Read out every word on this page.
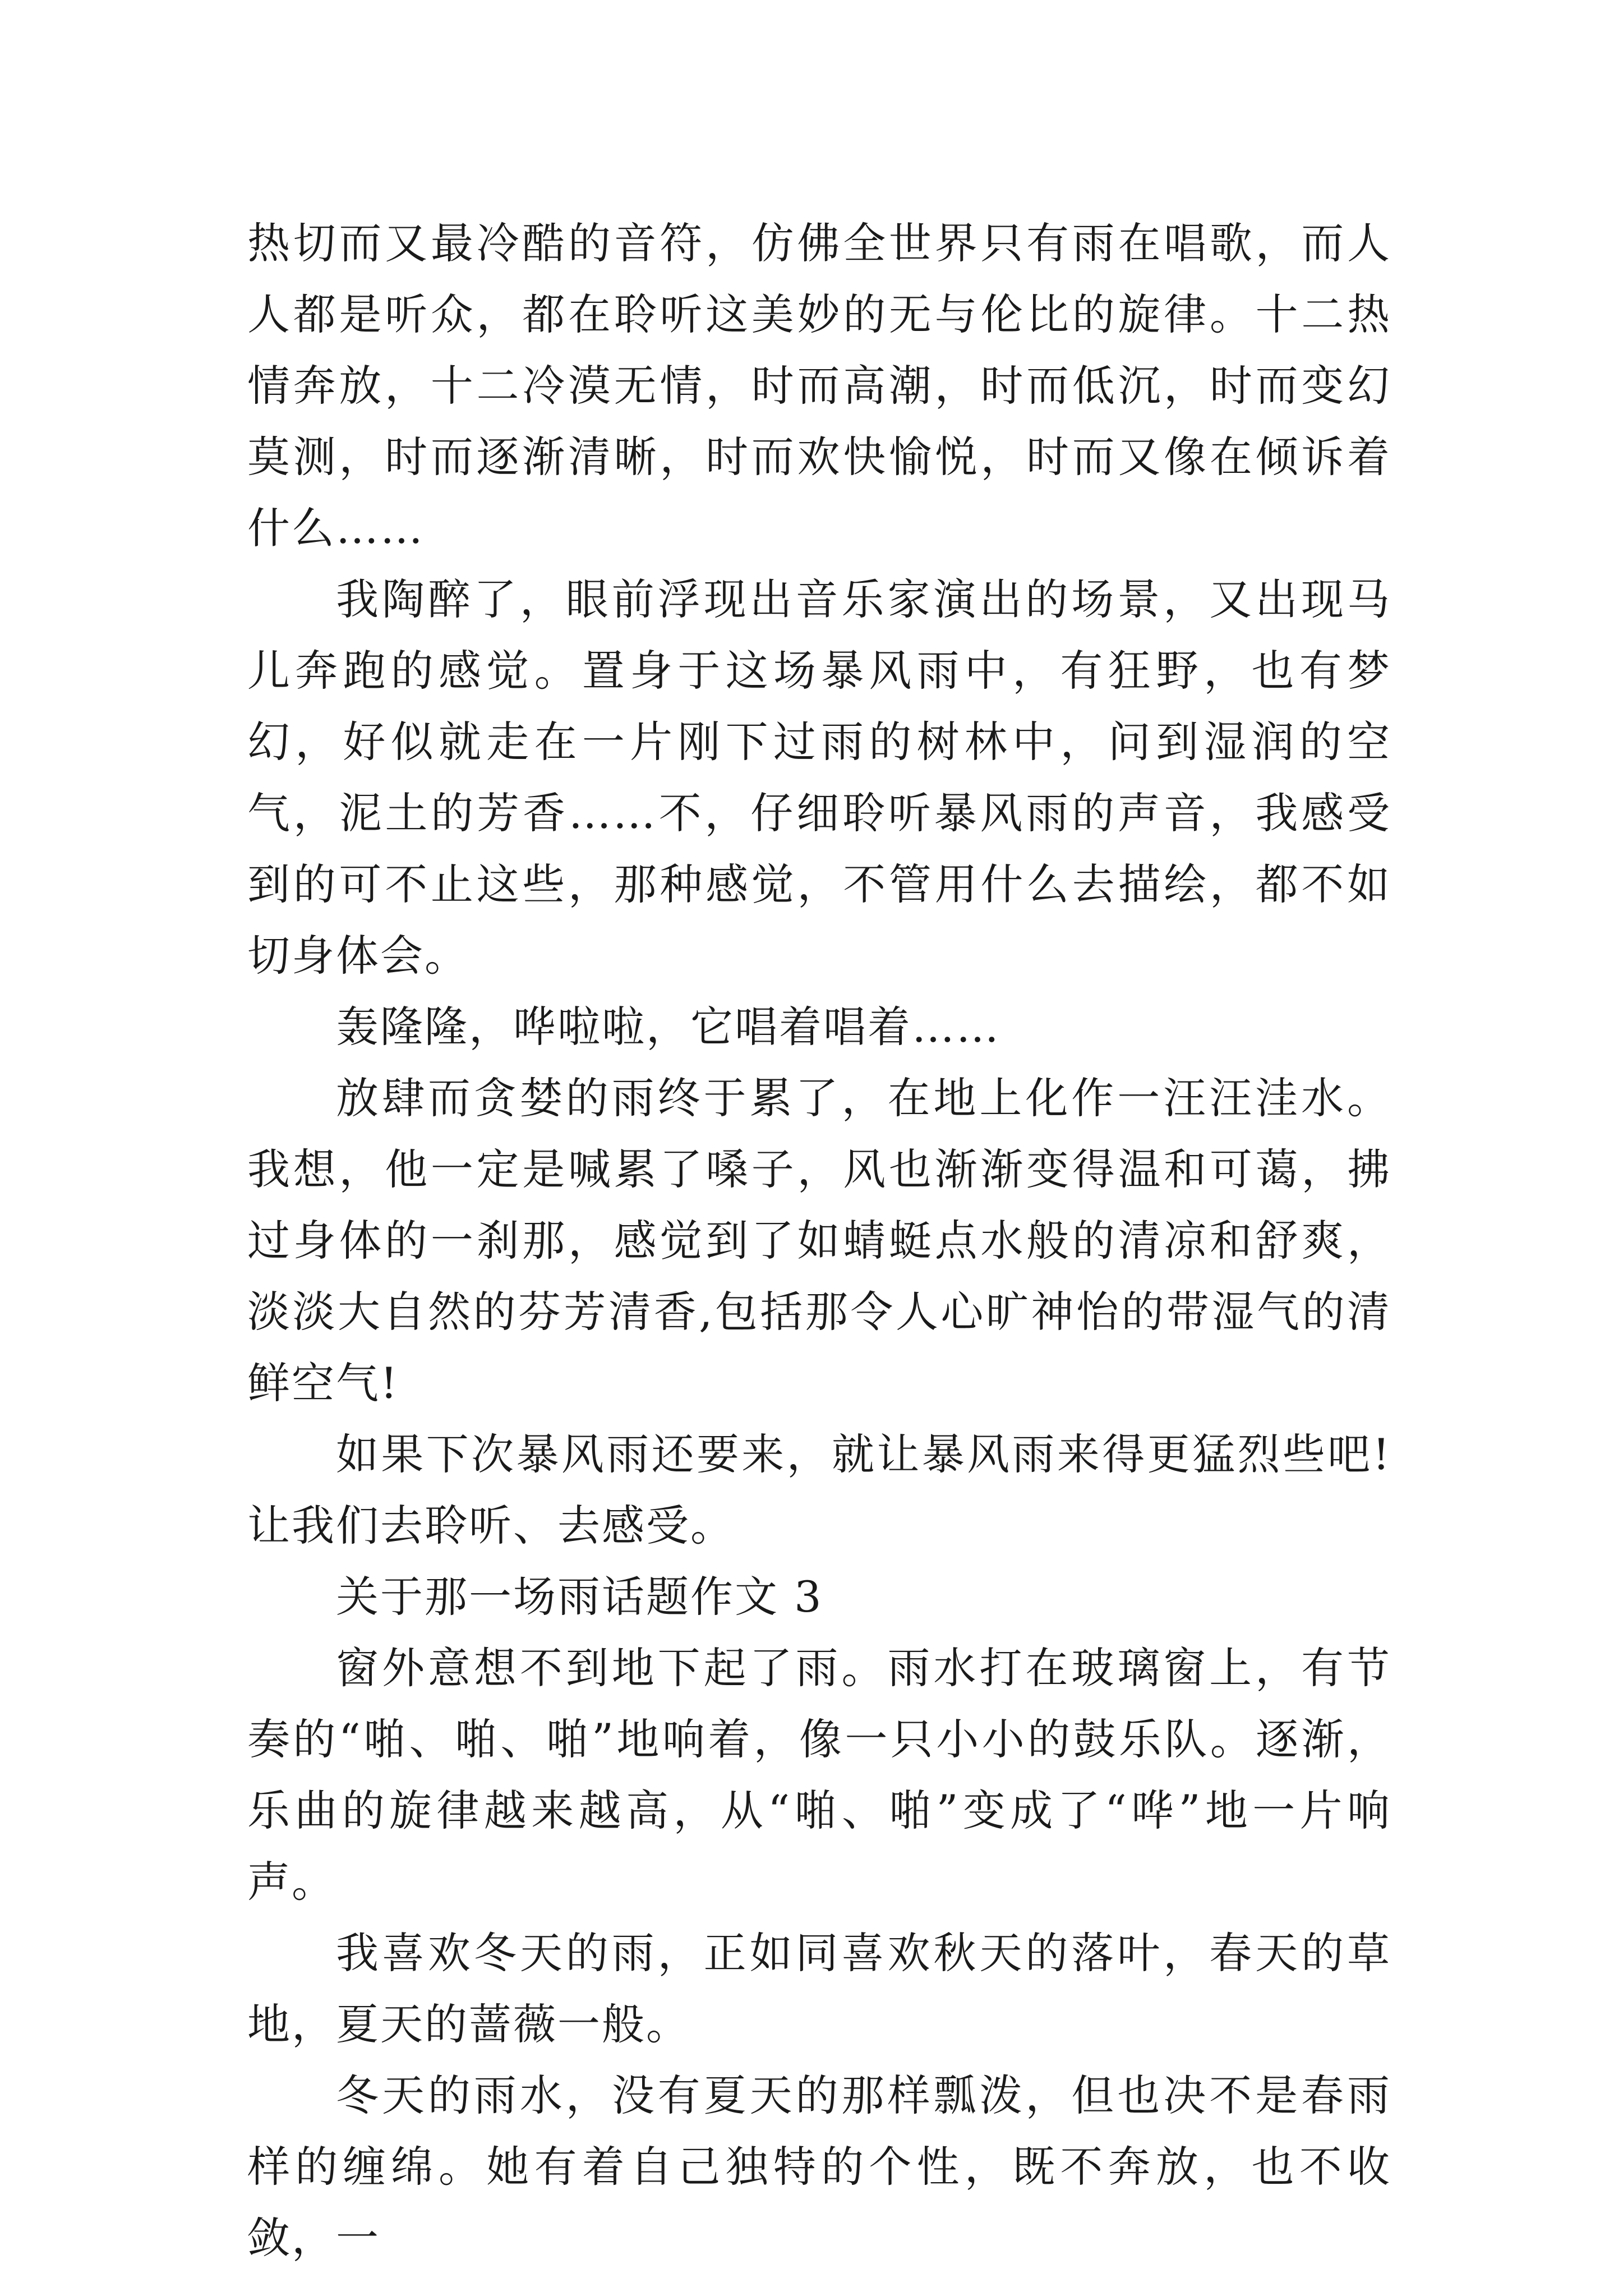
热切而又最冷酷的音符，仿佛全世界只有雨在唱歌，而人人都是听众，都在聆听这美妙的无与伦比的旋律。十二热情奔放，十二冷漠无情，时而高潮，时而低沉，时而变幻莫测，时而逐渐清晰，时而欢快愉悦，时而又像在倾诉着什么……

我陶醉了，眼前浮现出音乐家演出的场景，又出现马儿奔跑的感觉。置身于这场暴风雨中，有狂野，也有梦幻，好似就走在一片刚下过雨的树林中，问到湿润的空气，泥土的芳香……不，仔细聆听暴风雨的声音，我感受到的可不止这些，那种感觉，不管用什么去描绘，都不如切身体会。

轰隆隆，哗啦啦，它唱着唱着……

放肆而贪婪的雨终于累了，在地上化作一汪汪洼水。我想，他一定是喊累了嗓子，风也渐渐变得温和可蔼，拂过身体的一刹那，感觉到了如蜻蜓点水般的清凉和舒爽，淡淡大自然的芬芳清香,包括那令人心旷神怡的带湿气的清鲜空气!

如果下次暴风雨还要来，就让暴风雨来得更猛烈些吧!让我们去聆听、去感受。

关于那一场雨话题作文 3

窗外意想不到地下起了雨。雨水打在玻璃窗上，有节奏的“啪、啪、啪”地响着，像一只小小的鼓乐队。逐渐，乐曲的旋律越来越高，从“啪、啪”变成了“哗”地一片响声。

我喜欢冬天的雨，正如同喜欢秋天的落叶，春天的草地，夏天的蔷薇一般。

冬天的雨水，没有夏天的那样瓢泼，但也决不是春雨样的缠绵。她有着自己独特的个性，既不奔放，也不收敛，一
